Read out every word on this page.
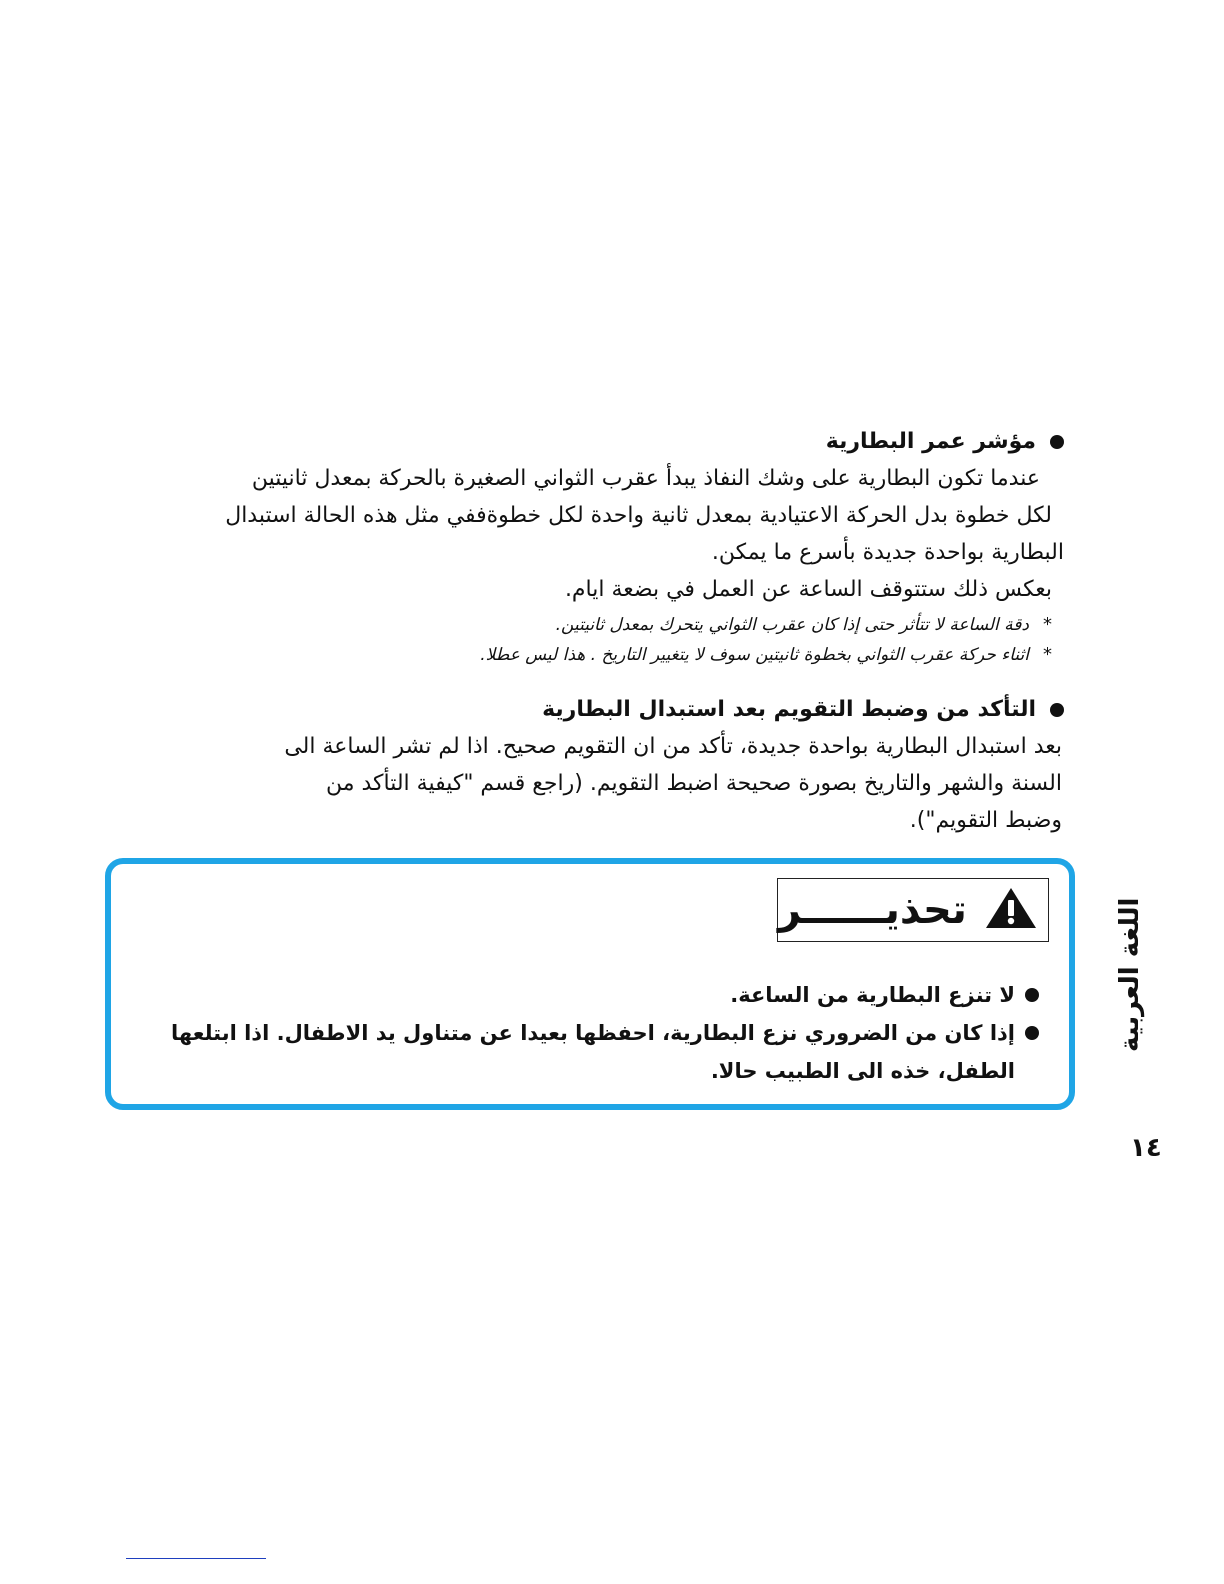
مؤشر عمر البطارية
عندما تكون البطارية على وشك النفاذ يبدأ عقرب الثواني الصغيرة بالحركة بمعدل ثانيتين
لكل خطوة بدل الحركة الاعتيادية بمعدل ثانية واحدة لكل خطوةففي مثل هذه الحالة استبدال
البطارية بواحدة جديدة بأسرع ما يمكن.
بعكس ذلك ستتوقف الساعة عن العمل في بضعة ايام.
*
دقة الساعة لا تتأثر حتى إذا كان عقرب الثواني يتحرك بمعدل ثانيتين.
*
اثناء حركة عقرب الثواني بخطوة ثانيتين سوف لا يتغيير التاريخ . هذا ليس عطلا.
التأكد من وضبط التقويم بعد استبدال البطارية
بعد استبدال البطارية بواحدة جديدة، تأكد من ان التقويم صحيح. اذا لم تشر الساعة الى
السنة والشهر والتاريخ بصورة صحيحة اضبط التقويم. (راجع قسم "كيفية التأكد من
وضبط التقويم").
تحذيــــــر
لا تنزع البطارية من الساعة.
إذا كان من الضروري نزع البطارية، احفظها بعيدا عن متناول يد الاطفال. اذا ابتلعها الطفل، خذه الى الطبيب حالا.
اللغة العربية
١٤
